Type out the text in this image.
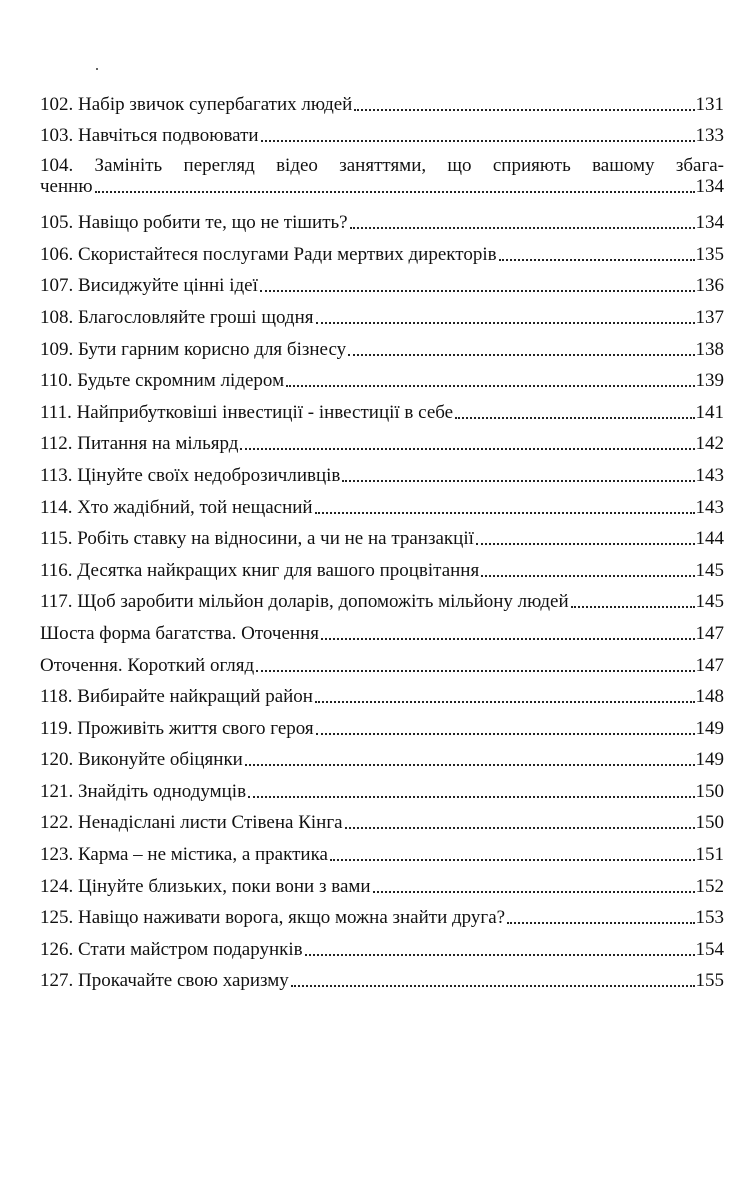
102. Набір звичок супербагатих людей	131
103. Навчіться подвоювати	133
104. Замініть перегляд відео заняттями, що сприяють вашому збага-
ченню	134
105. Навіщо робити те, що не тішить?	134
106. Скористайтеся послугами Ради мертвих директорів	135
107. Висиджуйте цінні ідеї	136
108. Благословляйте гроші щодня	137
109. Бути гарним корисно для бізнесу	138
110. Будьте скромним лідером	139
111. Найприбутковіші інвестиції - інвестиції в себе	141
112. Питання на мільярд	142
113. Цінуйте своїх недоброзичливців	143
114. Хто жадібний, той нещасний	143
115. Робіть ставку на відносини, а чи не на транзакції	144
116. Десятка найкращих книг для вашого процвітання	145
117. Щоб заробити мільйон доларів, допоможіть мільйону людей	145
Шоста форма багатства. Оточення	147
Оточення. Короткий огляд	147
118. Вибирайте найкращий район	148
119. Проживіть життя свого героя	149
120. Виконуйте обіцянки	149
121. Знайдіть однодумців	150
122. Ненадіслані листи Стівена Кінга	150
123. Карма – не містика, а практика	151
124. Цінуйте близьких, поки вони з вами	152
125. Навіщо наживати ворога, якщо можна знайти друга?	153
126. Стати майстром подарунків	154
127. Прокачайте свою харизму	155
